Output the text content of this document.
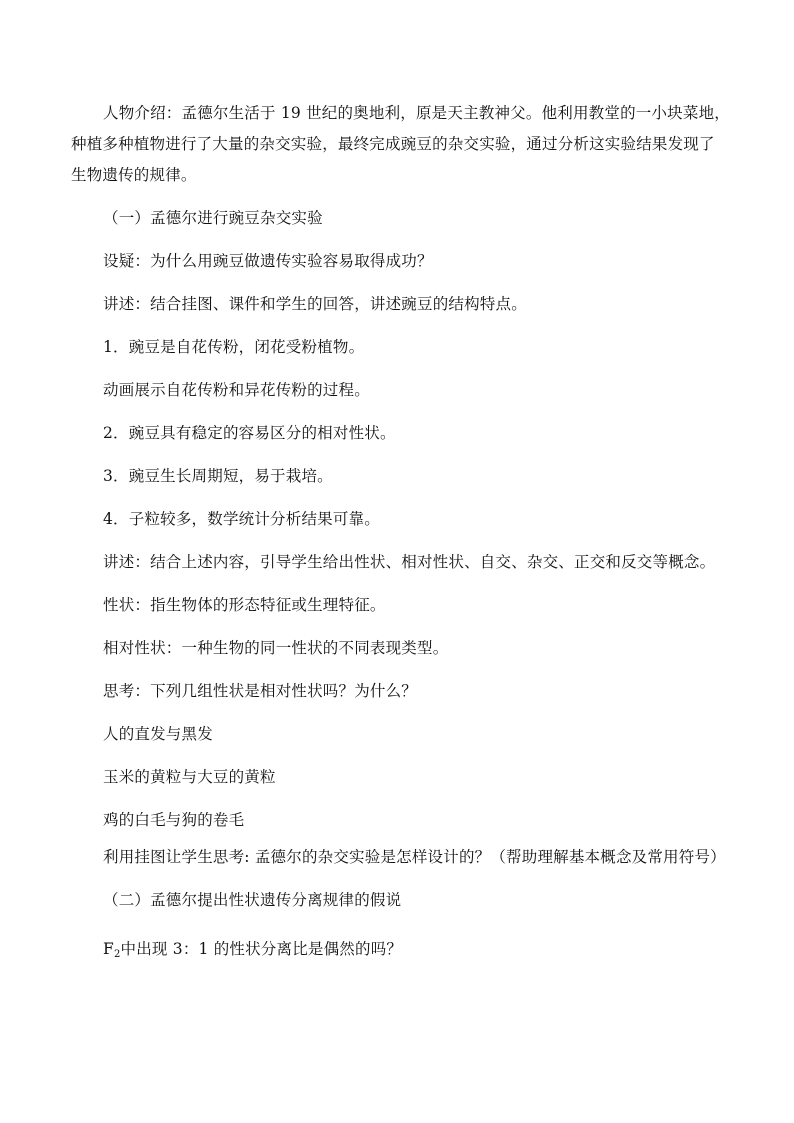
人物介绍：孟德尔生活于 19 世纪的奥地利，原是天主教神父。他利用教堂的一小块菜地，
种植多种植物进行了大量的杂交实验，最终完成豌豆的杂交实验，通过分析这实验结果发现了
生物遗传的规律。
（一）孟德尔进行豌豆杂交实验
设疑：为什么用豌豆做遗传实验容易取得成功？
讲述：结合挂图、课件和学生的回答，讲述豌豆的结构特点。
1．豌豆是自花传粉，闭花受粉植物。
动画展示自花传粉和异花传粉的过程。
2．豌豆具有稳定的容易区分的相对性状。
3．豌豆生长周期短，易于栽培。
4．子粒较多，数学统计分析结果可靠。
讲述：结合上述内容，引导学生给出性状、相对性状、自交、杂交、正交和反交等概念。
性状：指生物体的形态特征或生理特征。
相对性状：一种生物的同一性状的不同表现类型。
思考：下列几组性状是相对性状吗？为什么？
人的直发与黑发
玉米的黄粒与大豆的黄粒
鸡的白毛与狗的卷毛
利用挂图让学生思考: 孟德尔的杂交实验是怎样设计的？（帮助理解基本概念及常用符号）
（二）孟德尔提出性状遗传分离规律的假说
$F_2$中出现 3：1 的性状分离比是偶然的吗？
